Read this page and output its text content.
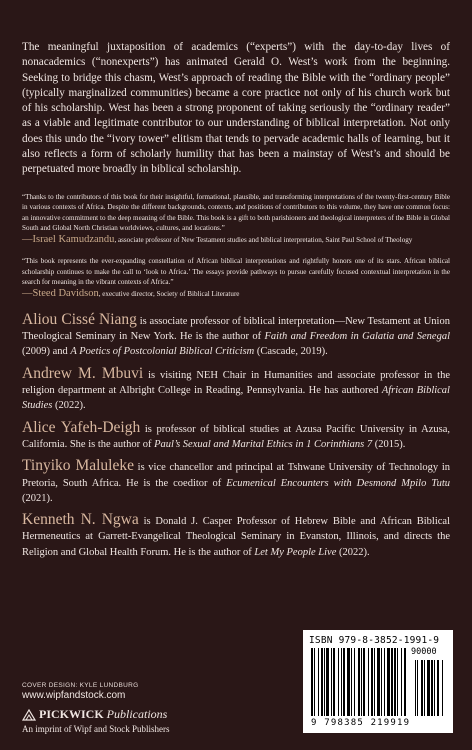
The meaningful juxtaposition of academics (“experts”) with the day-to-day lives of nonacademics (“nonexperts”) has animated Gerald O. West’s work from the beginning. Seeking to bridge this chasm, West’s approach of reading the Bible with the “ordinary people” (typically marginalized communities) became a core practice not only of his church work but of his scholarship. West has been a strong proponent of taking seriously the “ordinary reader” as a viable and legitimate contributor to our understanding of biblical interpretation. Not only does this undo the “ivory tower” elitism that tends to pervade academic halls of learning, but it also reflects a form of scholarly humility that has been a mainstay of West’s and should be perpetuated more broadly in biblical scholarship.

“Thanks to the contributors of this book for their insightful, formational, plausible, and transforming interpretations of the twenty-first-century Bible in various contexts of Africa. Despite the different backgrounds, contexts, and positions of contributors to this volume, they have one common focus: an innovative commitment to the deep meaning of the Bible. This book is a gift to both parishioners and theological interpreters of the Bible in Global South and Global North Christian worldviews, cultures, and locations.”

—Israel Kamudzandu, associate professor of New Testament studies and biblical interpretation, Saint Paul School of Theology

“This book represents the ever-expanding constellation of African biblical interpretations and rightfully honors one of its stars. African biblical scholarship continues to make the call to ‘look to Africa.’ The essays provide pathways to pursue carefully focused contextual interpretation in the search for meaning in the vibrant contexts of Africa.”

—Steed Davidson, executive director, Society of Biblical Literature

Aliou Cissé Niang is associate professor of biblical interpretation—New Testament at Union Theological Seminary in New York. He is the author of Faith and Freedom in Galatia and Senegal (2009) and A Poetics of Postcolonial Biblical Criticism (Cascade, 2019).

Andrew M. Mbuvi is visiting NEH Chair in Humanities and associate professor in the religion department at Albright College in Reading, Pennsylvania. He has authored African Biblical Studies (2022).

Alice Yafeh-Deigh is professor of biblical studies at Azusa Pacific University in Azusa, California. She is the author of Paul’s Sexual and Marital Ethics in 1 Corinthians 7 (2015).

Tinyiko Maluleke is vice chancellor and principal at Tshwane University of Technology in Pretoria, South Africa. He is the coeditor of Ecumenical Encounters with Desmond Mpilo Tutu (2021).

Kenneth N. Ngwa is Donald J. Casper Professor of Hebrew Bible and African Biblical Hermeneutics at Garrett-Evangelical Theological Seminary in Evanston, Illinois, and directs the Religion and Global Health Forum. He is the author of Let My People Live (2022).

COVER DESIGN: KYLE LUNDBURG
www.wipfandstock.com
PICKWICK Publications
An imprint of Wipf and Stock Publishers
ISBN 979-8-3852-1991-9
90000
9 798385 219919
